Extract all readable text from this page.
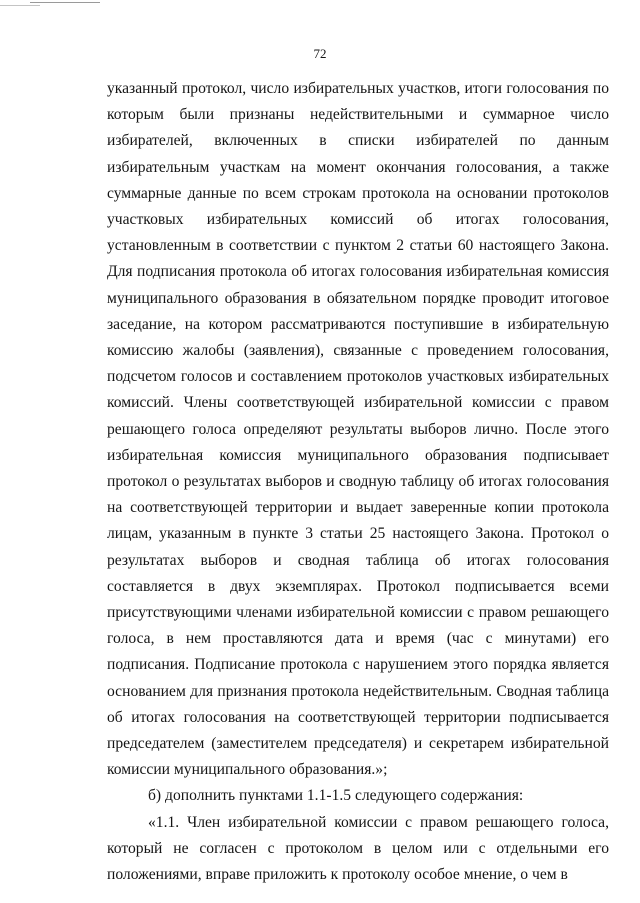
72

указанный протокол, число избирательных участков, итоги голосования по которым были признаны недействительными и суммарное число избирателей, включенных в списки избирателей по данным избирательным участкам на момент окончания голосования, а также суммарные данные по всем строкам протокола на основании протоколов участковых избирательных комиссий об итогах голосования, установленным в соответствии с пунктом 2 статьи 60 настоящего Закона. Для подписания протокола об итогах голосования избирательная комиссия муниципального образования в обязательном порядке проводит итоговое заседание, на котором рассматриваются поступившие в избирательную комиссию жалобы (заявления), связанные с проведением голосования, подсчетом голосов и составлением протоколов участковых избирательных комиссий. Члены соответствующей избирательной комиссии с правом решающего голоса определяют результаты выборов лично. После этого избирательная комиссия муниципального образования подписывает протокол о результатах выборов и сводную таблицу об итогах голосования на соответствующей территории и выдает заверенные копии протокола лицам, указанным в пункте 3 статьи 25 настоящего Закона. Протокол о результатах выборов и сводная таблица об итогах голосования составляется в двух экземплярах. Протокол подписывается всеми присутствующими членами избирательной комиссии с правом решающего голоса, в нем проставляются дата и время (час с минутами) его подписания. Подписание протокола с нарушением этого порядка является основанием для признания протокола недействительным. Сводная таблица об итогах голосования на соответствующей территории подписывается председателем (заместителем председателя) и секретарем избирательной комиссии муниципального образования.»;

б) дополнить пунктами 1.1-1.5 следующего содержания:

«1.1. Член избирательной комиссии с правом решающего голоса, который не согласен с протоколом в целом или с отдельными его положениями, вправе приложить к протоколу особое мнение, о чем в
